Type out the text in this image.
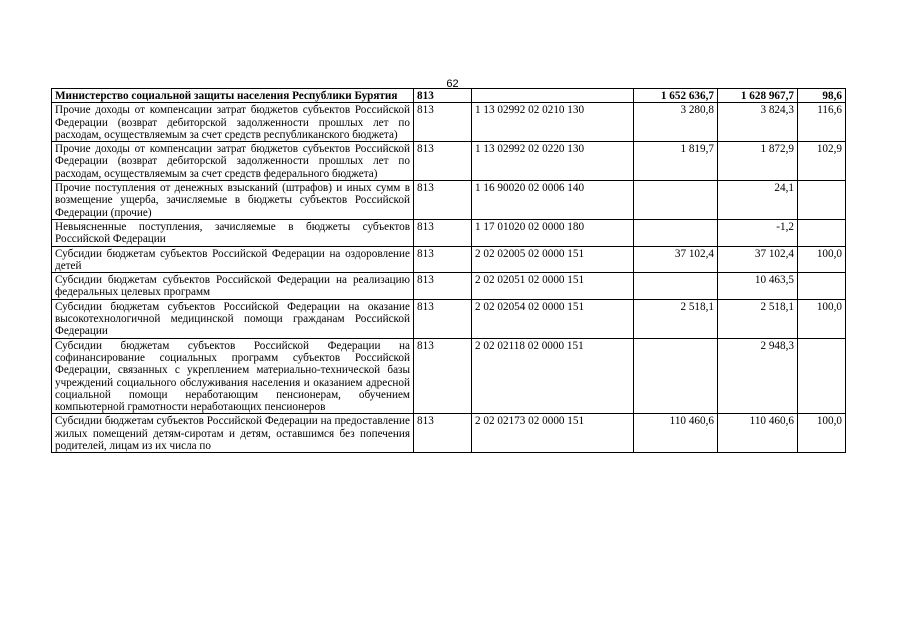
62
Министерство социальной защиты населения Республики Бурятия	813		1 652 636,7	1 628 967,7	98,6
Прочие доходы от компенсации затрат бюджетов субъектов Российской Федерации (возврат дебиторской задолженности прошлых лет по расходам, осуществляемым за счет средств республиканского бюджета)	813	1 13 02992 02 0210 130	3 280,8	3 824,3	116,6
Прочие доходы от компенсации затрат бюджетов субъектов Российской Федерации (возврат дебиторской задолженности прошлых лет по расходам, осуществляемым за счет средств федерального бюджета)	813	1 13 02992 02 0220 130	1 819,7	1 872,9	102,9
Прочие поступления от денежных взысканий (штрафов) и иных сумм в возмещение ущерба, зачисляемые в бюджеты субъектов Российской Федерации (прочие)	813	1 16 90020 02 0006 140		24,1	
Невыясненные поступления, зачисляемые в бюджеты субъектов Российской Федерации	813	1 17 01020 02 0000 180		-1,2	
Субсидии бюджетам субъектов Российской Федерации на оздоровление детей	813	2 02 02005 02 0000 151	37 102,4	37 102,4	100,0
Субсидии бюджетам субъектов Российской Федерации на реализацию федеральных целевых программ	813	2 02 02051 02 0000 151		10 463,5	
Субсидии бюджетам субъектов Российской Федерации на оказание высокотехнологичной медицинской помощи гражданам Российской Федерации	813	2 02 02054 02 0000 151	2 518,1	2 518,1	100,0
Субсидии бюджетам субъектов Российской Федерации на софинансирование социальных программ субъектов Российской Федерации, связанных с укреплением материально-технической базы учреждений социального обслуживания населения и оказанием адресной социальной помощи неработающим пенсионерам, обучением компьютерной грамотности неработающих пенсионеров	813	2 02 02118 02 0000 151		2 948,3	
Субсидии бюджетам субъектов Российской Федерации на предоставление жилых помещений детям-сиротам и детям, оставшимся без попечения родителей, лицам из их числа по	813	2 02 02173 02 0000 151	110 460,6	110 460,6	100,0
